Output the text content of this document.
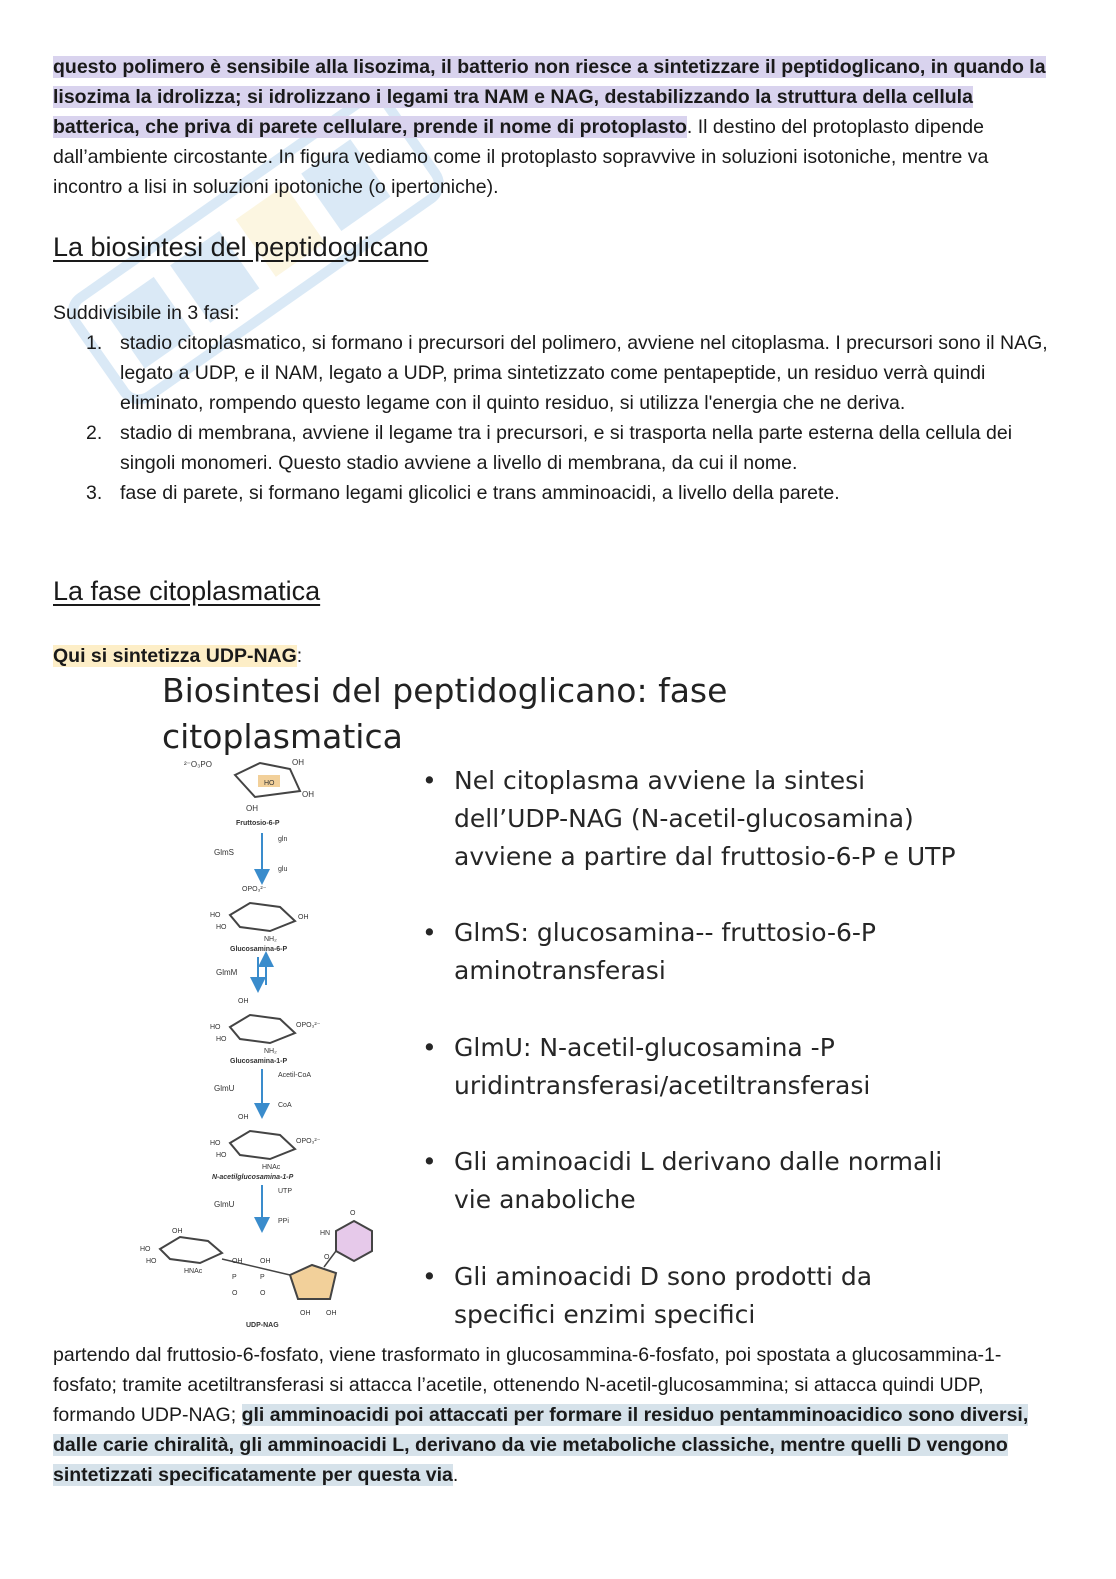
questo polimero è sensibile alla lisozima, il batterio non riesce a sintetizzare il peptidoglicano, in quando la lisozima la idrolizza; si idrolizzano i legami tra NAM e NAG, destabilizzando la struttura della cellula batterica, che priva di parete cellulare, prende il nome di protoplasto. Il destino del protoplasto dipende dall’ambiente circostante. In figura vediamo come il protoplasto sopravvive in soluzioni isotoniche, mentre va incontro a lisi in soluzioni ipotoniche (o ipertoniche).

La biosintesi del peptidoglicano

Suddivisibile in 3 fasi:

1. stadio citoplasmatico, si formano i precursori del polimero, avviene nel citoplasma. I precursori sono il NAG, legato a UDP, e il NAM, legato a UDP, prima sintetizzato come pentapeptide, un residuo verrà quindi eliminato, rompendo questo legame con il quinto residuo, si utilizza l'energia che ne deriva.
2. stadio di membrana, avviene il legame tra i precursori, e si trasporta nella parte esterna della cellula dei singoli monomeri. Questo stadio avviene a livello di membrana, da cui il nome.
3. fase di parete, si formano legami glicolici e trans amminoacidi, a livello della parete.
La fase citoplasmatica

Qui si sintetizza UDP-NAG:

Biosintesi del peptidoglicano: fase
citoplasmatica
• Nel citoplasma avviene la sintesi
dell’UDP-NAG (N-acetil-glucosamina)
avviene a partire dal fruttosio-6-P e UTP
• GlmS: glucosamina-- fruttosio-6-P
aminotransferasi
• GlmU: N-acetil-glucosamina -P
uridintransferasi/acetiltransferasi
• Gli aminoacidi L derivano dalle normali
vie anaboliche
• Gli aminoacidi D sono prodotti da
specifici enzimi specifici
²⁻O₃PO	OH
OH
HO
OH
Fruttosio-6-P
GlmS
gln
glu
OPO₃²⁻
HO
HO
OH
NH₂
Glucosamina-6-P
GlmM
OH
HO
HO
OPO₃²⁻
NH₂
Glucosamina-1-P
GlmU
Acetil-CoA
CoA
OH
HO
HO
OPO₃²⁻
HNAc
N-acetilglucosamina-1-P
GlmU
UTP
PPi
OH
HO
HO
HNAc
P	P
OH	OH
O	O
OH OH
HN
O
O
UDP-NAG

partendo dal fruttosio-6-fosfato, viene trasformato in glucosammina-6-fosfato, poi spostata a glucosammina-1-fosfato; tramite acetiltransferasi si attacca l’acetile, ottenendo N-acetil-glucosammina; si attacca quindi UDP, formando UDP-NAG; gli amminoacidi poi attaccati per formare il residuo pentamminoacidico sono diversi, dalle carie chiralità, gli amminoacidi L, derivano da vie metaboliche classiche, mentre quelli D vengono sintetizzati specificatamente per questa via.
